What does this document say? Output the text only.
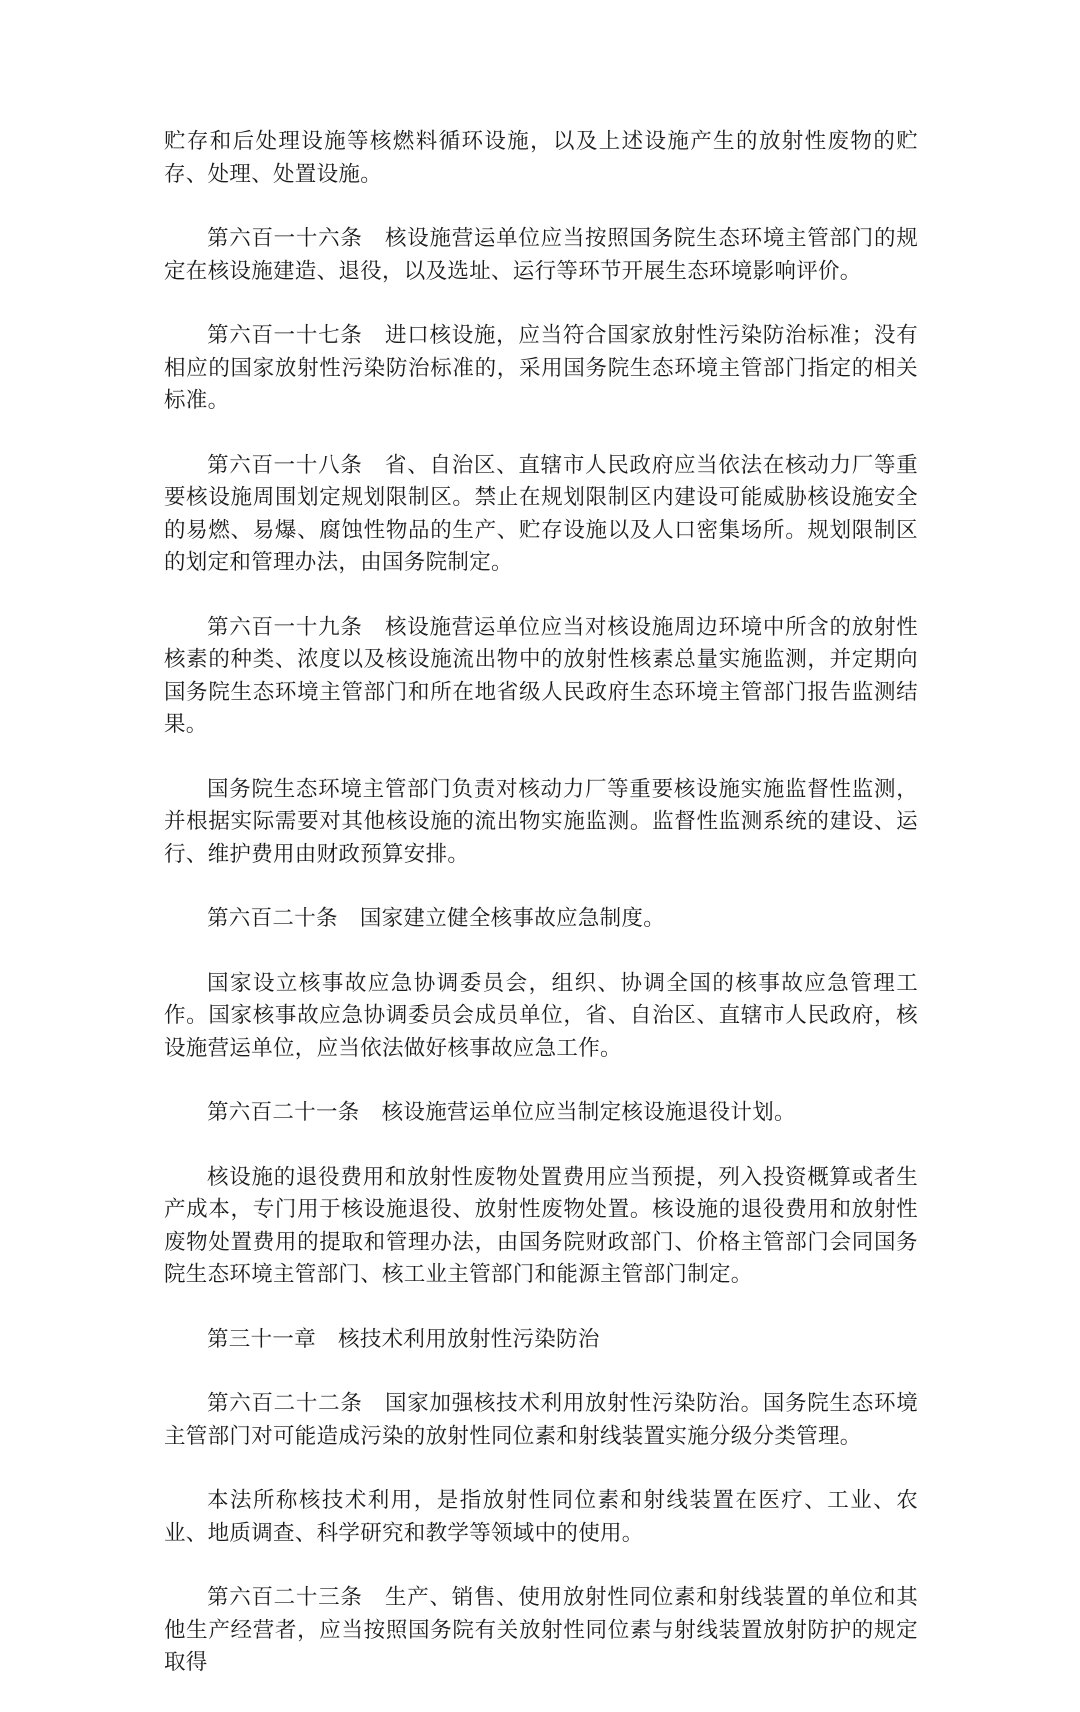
贮存和后处理设施等核燃料循环设施，以及上述设施产生的放射性废物的贮存、处理、处置设施。

第六百一十六条 核设施营运单位应当按照国务院生态环境主管部门的规定在核设施建造、退役，以及选址、运行等环节开展生态环境影响评价。

第六百一十七条 进口核设施，应当符合国家放射性污染防治标准；没有相应的国家放射性污染防治标准的，采用国务院生态环境主管部门指定的相关标准。

第六百一十八条 省、自治区、直辖市人民政府应当依法在核动力厂等重要核设施周围划定规划限制区。禁止在规划限制区内建设可能威胁核设施安全的易燃、易爆、腐蚀性物品的生产、贮存设施以及人口密集场所。规划限制区的划定和管理办法，由国务院制定。

第六百一十九条 核设施营运单位应当对核设施周边环境中所含的放射性核素的种类、浓度以及核设施流出物中的放射性核素总量实施监测，并定期向国务院生态环境主管部门和所在地省级人民政府生态环境主管部门报告监测结果。

国务院生态环境主管部门负责对核动力厂等重要核设施实施监督性监测，并根据实际需要对其他核设施的流出物实施监测。监督性监测系统的建设、运行、维护费用由财政预算安排。

第六百二十条 国家建立健全核事故应急制度。

国家设立核事故应急协调委员会，组织、协调全国的核事故应急管理工作。国家核事故应急协调委员会成员单位，省、自治区、直辖市人民政府，核设施营运单位，应当依法做好核事故应急工作。

第六百二十一条 核设施营运单位应当制定核设施退役计划。

核设施的退役费用和放射性废物处置费用应当预提，列入投资概算或者生产成本，专门用于核设施退役、放射性废物处置。核设施的退役费用和放射性废物处置费用的提取和管理办法，由国务院财政部门、价格主管部门会同国务院生态环境主管部门、核工业主管部门和能源主管部门制定。

第三十一章 核技术利用放射性污染防治

第六百二十二条 国家加强核技术利用放射性污染防治。国务院生态环境主管部门对可能造成污染的放射性同位素和射线装置实施分级分类管理。

本法所称核技术利用，是指放射性同位素和射线装置在医疗、工业、农业、地质调查、科学研究和教学等领域中的使用。

第六百二十三条 生产、销售、使用放射性同位素和射线装置的单位和其他生产经营者，应当按照国务院有关放射性同位素与射线装置放射防护的规定取得
